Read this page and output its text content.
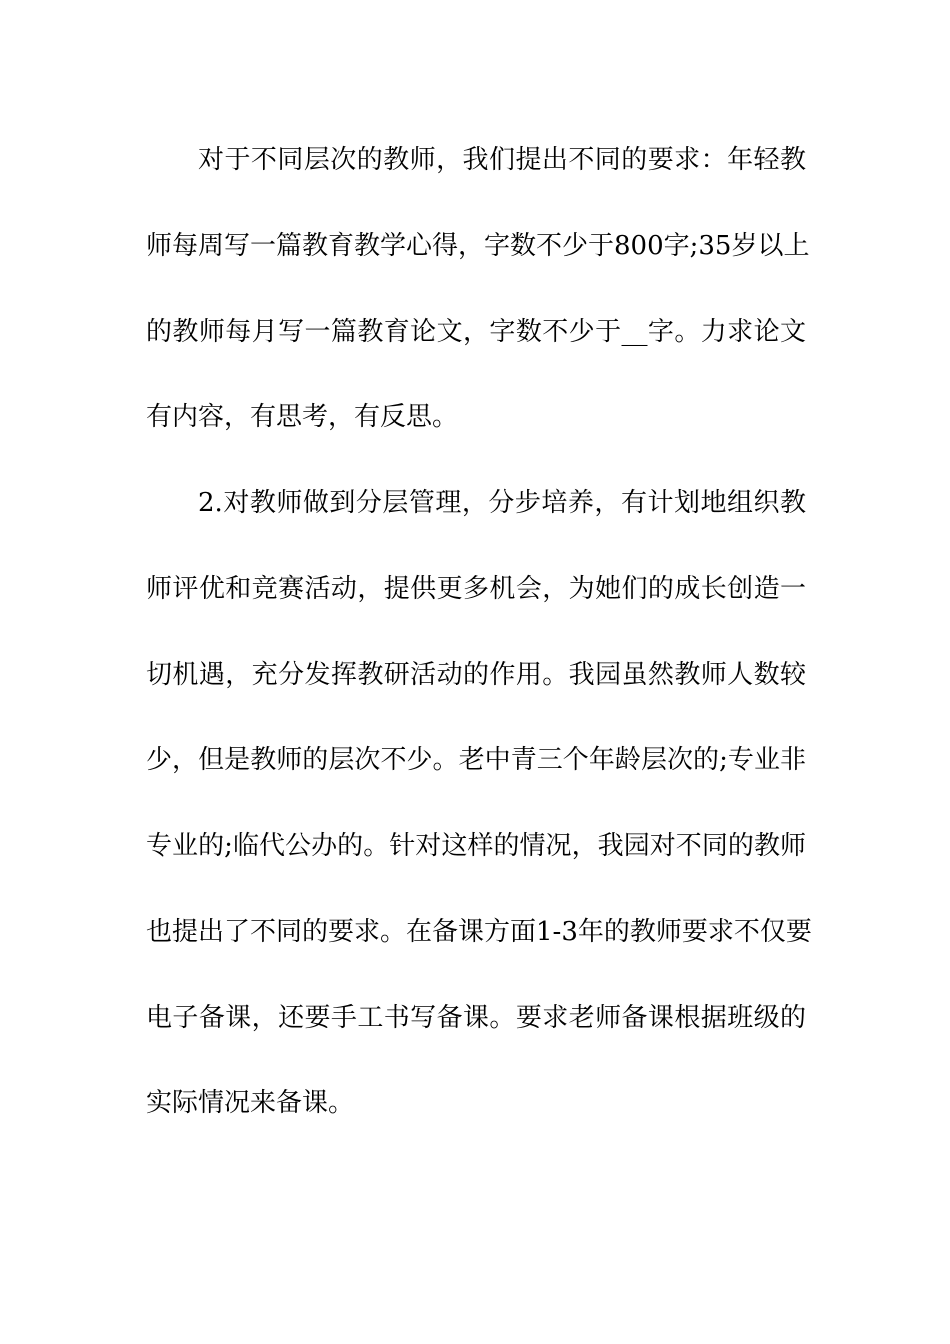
对于不同层次的教师，我们提出不同的要求：年轻教
师每周写一篇教育教学心得，字数不少于800字;35岁以上
的教师每月写一篇教育论文，字数不少于__字。力求论文
有内容，有思考，有反思。
2.对教师做到分层管理，分步培养，有计划地组织教
师评优和竞赛活动，提供更多机会，为她们的成长创造一
切机遇，充分发挥教研活动的作用。我园虽然教师人数较
少，但是教师的层次不少。老中青三个年龄层次的;专业非
专业的;临代公办的。针对这样的情况，我园对不同的教师
也提出了不同的要求。在备课方面1-3年的教师要求不仅要
电子备课，还要手工书写备课。要求老师备课根据班级的
实际情况来备课。
